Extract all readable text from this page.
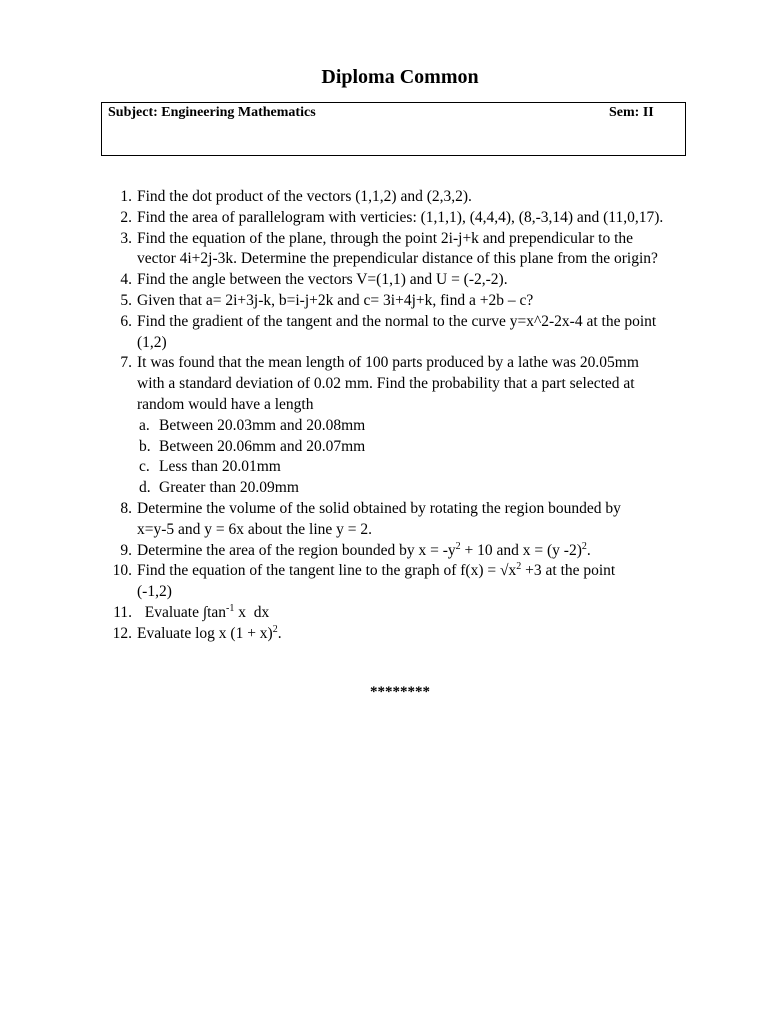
Diploma Common
Subject: Engineering Mathematics	Sem: II
1. Find the dot product of the vectors (1,1,2) and (2,3,2).
2. Find the area of parallelogram with verticies: (1,1,1), (4,4,4), (8,-3,14) and (11,0,17).
3. Find the equation of the plane, through the point 2i-j+k and prependicular to the
vector 4i+2j-3k. Determine the prependicular distance of this plane from the origin?
4. Find the angle between the vectors V=(1,1) and U = (-2,-2).
5. Given that a= 2i+3j-k, b=i-j+2k and c= 3i+4j+k, find a +2b – c?
6. Find the gradient of the tangent and the normal to the curve y=x^2-2x-4 at the point
(1,2)
7. It was found that the mean length of 100 parts produced by a lathe was 20.05mm
with a standard deviation of 0.02 mm. Find the probability that a part selected at
random would have a length
a. Between 20.03mm and 20.08mm
b. Between 20.06mm and 20.07mm
c. Less than 20.01mm
d. Greater than 20.09mm
8. Determine the volume of the solid obtained by rotating the region bounded by
x=y-5 and y = 6x about the line y = 2.
9. Determine the area of the region bounded by $x = -y^2 + 10$ and x = (y -2)$^2$.
10. Find the equation of the tangent line to the graph of $f(x) = √x^2 +3$ at the point
(-1,2)
11. Evaluate $\int\tan^{-1}$ x  dx
12. Evaluate log x $(1 + x)^2$.
********
